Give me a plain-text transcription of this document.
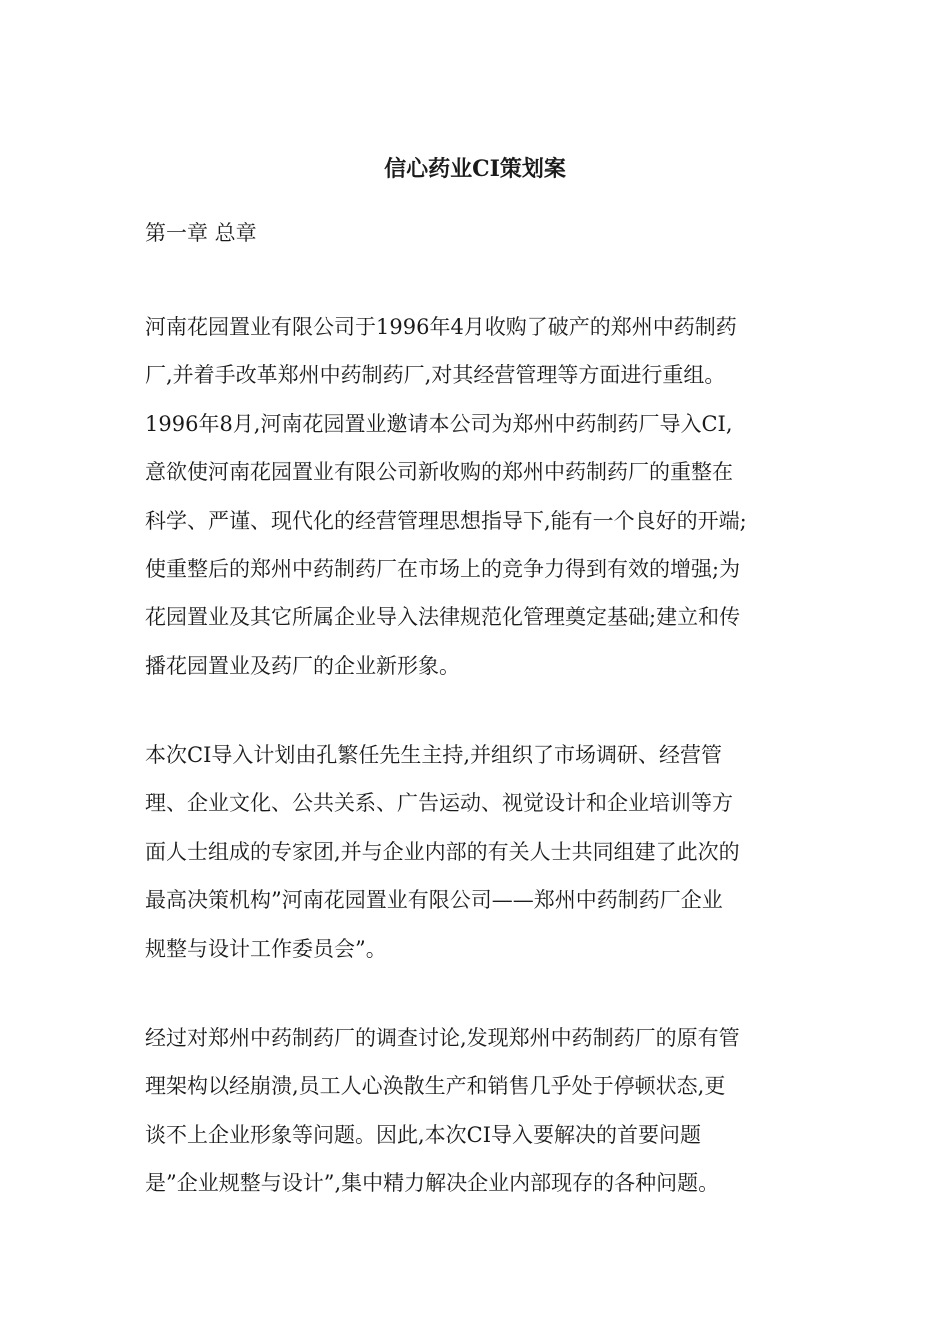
信心药业CI策划案
第一章 总章
河南花园置业有限公司于1996年4月收购了破产的郑州中药制药
厂,并着手改革郑州中药制药厂,对其经营管理等方面进行重组。
1996年8月,河南花园置业邀请本公司为郑州中药制药厂导入CI,
意欲使河南花园置业有限公司新收购的郑州中药制药厂的重整在
科学、严谨、现代化的经营管理思想指导下,能有一个良好的开端;
使重整后的郑州中药制药厂在市场上的竞争力得到有效的增强;为
花园置业及其它所属企业导入法律规范化管理奠定基础;建立和传
播花园置业及药厂的企业新形象。
本次CI导入计划由孔繁任先生主持,并组织了市场调研、经营管
理、企业文化、公共关系、广告运动、视觉设计和企业培训等方
面人士组成的专家团,并与企业内部的有关人士共同组建了此次的
最高决策机构”河南花园置业有限公司——郑州中药制药厂企业
规整与设计工作委员会”。
经过对郑州中药制药厂的调查讨论,发现郑州中药制药厂的原有管
理架构以经崩溃,员工人心涣散生产和销售几乎处于停顿状态,更
谈不上企业形象等问题。因此,本次CI导入要解决的首要问题
是”企业规整与设计”,集中精力解决企业内部现存的各种问题。
